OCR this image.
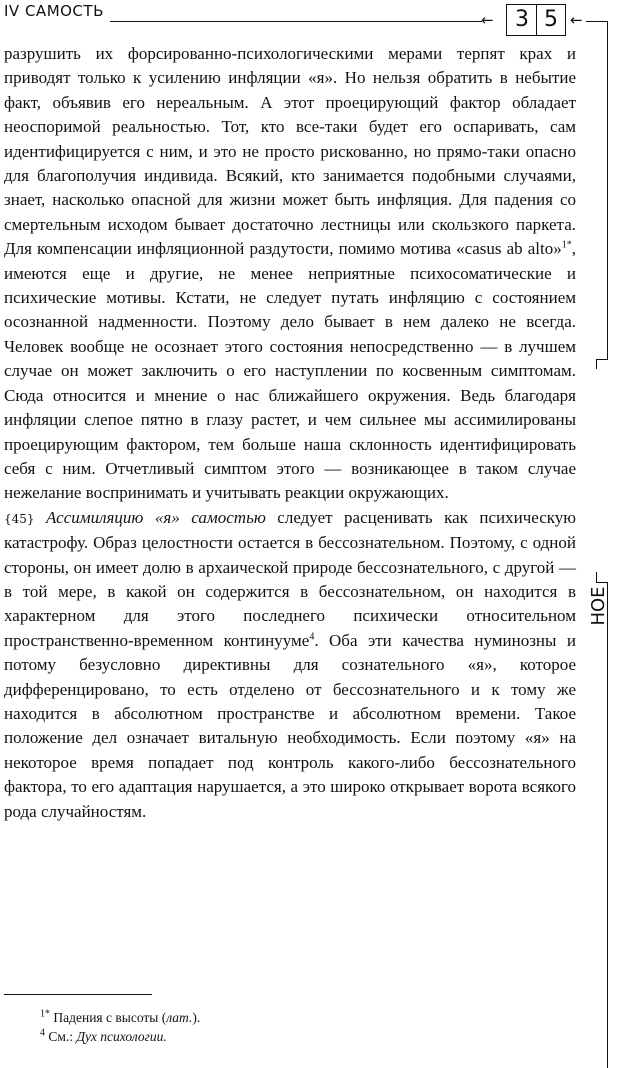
IV САМОСТЬ	← 3 5 ←
НОЕ

разрушить их форсированно-психологическими мерами терпят крах и приводят только к усилению инфляции «я». Но нельзя обратить в небытие факт, объявив его нереальным. А этот проецирующий фактор обладает неоспоримой реальностью. Тот, кто все-таки будет его оспаривать, сам идентифицируется с ним, и это не просто рискованно, но прямо-таки опасно для благополучия индивида. Всякий, кто занимается подобными случаями, знает, насколько опасной для жизни может быть инфляция. Для падения со смертельным исходом бывает достаточно лестницы или скользкого паркета. Для компенсации инфляционной раздутости, помимо мотива «casus ab alto»$^{1*}$, имеются еще и другие, не менее неприятные психосоматические и психические мотивы. Кстати, не следует путать инфляцию с состоянием осознанной надменности. Поэтому дело бывает в нем далеко не всегда. Человек вообще не осознает этого состояния непосредственно — в лучшем случае он может заключить о его наступлении по косвенным симптомам. Сюда относится и мнение о нас ближайшего окружения. Ведь благодаря инфляции слепое пятно в глазу растет, и чем сильнее мы ассимилированы проецирующим фактором, тем больше наша склонность идентифицировать себя с ним. Отчетливый симптом этого — возникающее в таком случае нежелание воспринимать и учитывать реакции окружающих.

{45} Ассимиляцию «я» самостью следует расценивать как психическую катастрофу. Образ целостности остается в бессознательном. Поэтому, с одной стороны, он имеет долю в архаической природе бессознательного, с другой — в той мере, в какой он содержится в бессознательном, он находится в характерном для этого последнего психически относительном пространственно-временном континууме$^4$. Оба эти качества нуминозны и потому безусловно директивны для сознательного «я», которое дифференцировано, то есть отделено от бессознательного и к тому же находится в абсолютном пространстве и абсолютном времени. Такое положение дел означает витальную необходимость. Если поэтому «я» на некоторое время попадает под контроль какого-либо бессознательного фактора, то его адаптация нарушается, а это широко открывает ворота всякого рода случайностям.

$^{1*}$ Падения с высоты (лат.).
$^4$ См.: Дух психологии.
